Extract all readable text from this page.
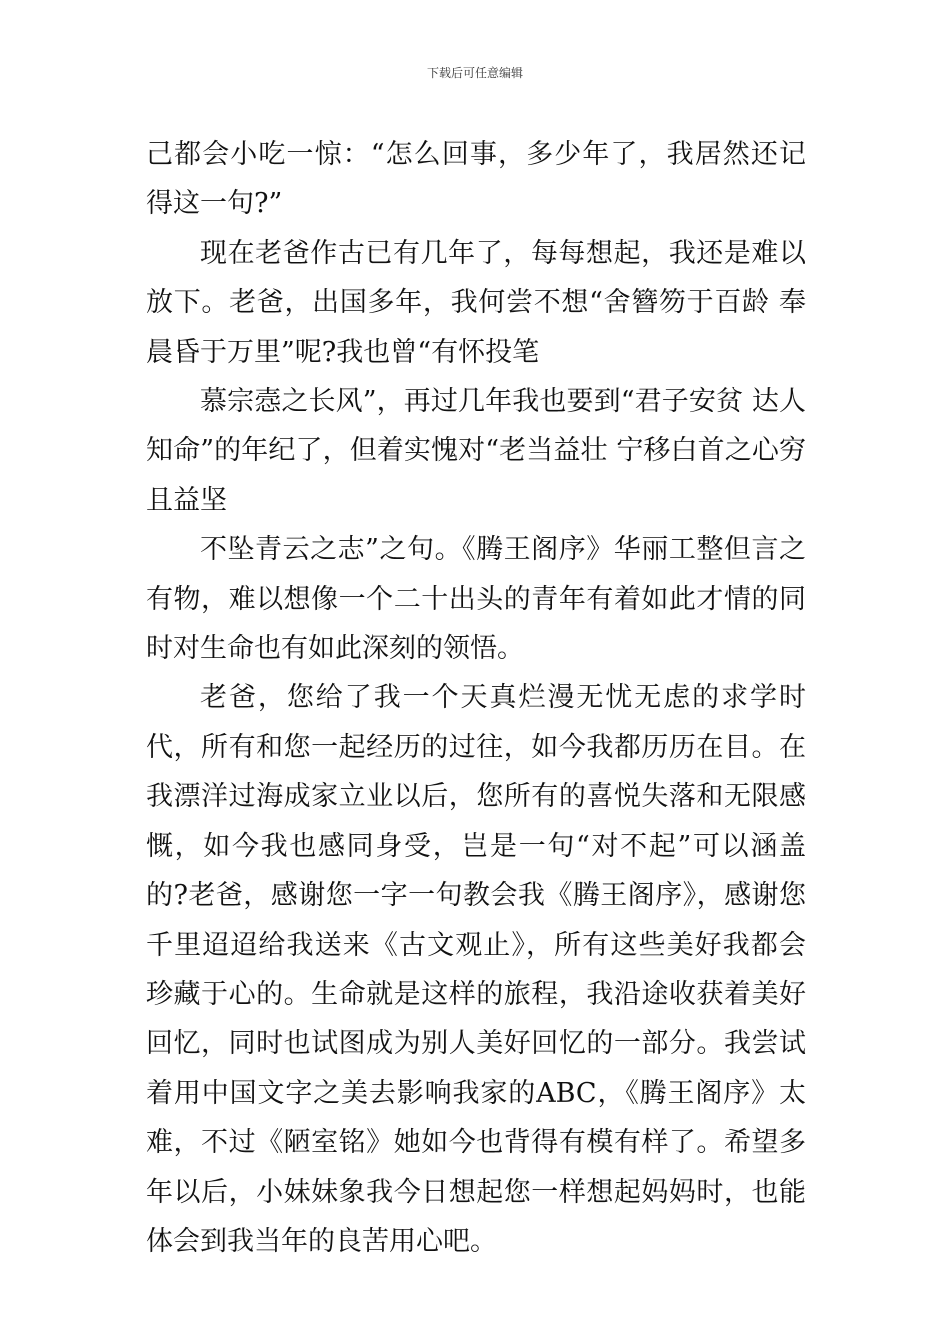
下载后可任意编辑

己都会小吃一惊：“怎么回事，多少年了，我居然还记得这一句?”

现在老爸作古已有几年了，每每想起，我还是难以放下。老爸，出国多年，我何尝不想“舍簪笏于百龄 奉晨昏于万里”呢?我也曾“有怀投笔

慕宗悫之长风”，再过几年我也要到“君子安贫 达人知命”的年纪了，但着实愧对“老当益壮 宁移白首之心穷且益坚

不坠青云之志”之句。《腾王阁序》华丽工整但言之有物，难以想像一个二十出头的青年有着如此才情的同时对生命也有如此深刻的领悟。

老爸，您给了我一个天真烂漫无忧无虑的求学时代，所有和您一起经历的过往，如今我都历历在目。在我漂洋过海成家立业以后，您所有的喜悦失落和无限感慨，如今我也感同身受，岂是一句“对不起”可以涵盖的?老爸，感谢您一字一句教会我《腾王阁序》，感谢您千里迢迢给我送来《古文观止》，所有这些美好我都会珍藏于心的。生命就是这样的旅程，我沿途收获着美好回忆，同时也试图成为别人美好回忆的一部分。我尝试着用中国文字之美去影响我家的ABC，《腾王阁序》太难，不过《陋室铭》她如今也背得有模有样了。希望多年以后，小妹妹象我今日想起您一样想起妈妈时，也能体会到我当年的良苦用心吧。
